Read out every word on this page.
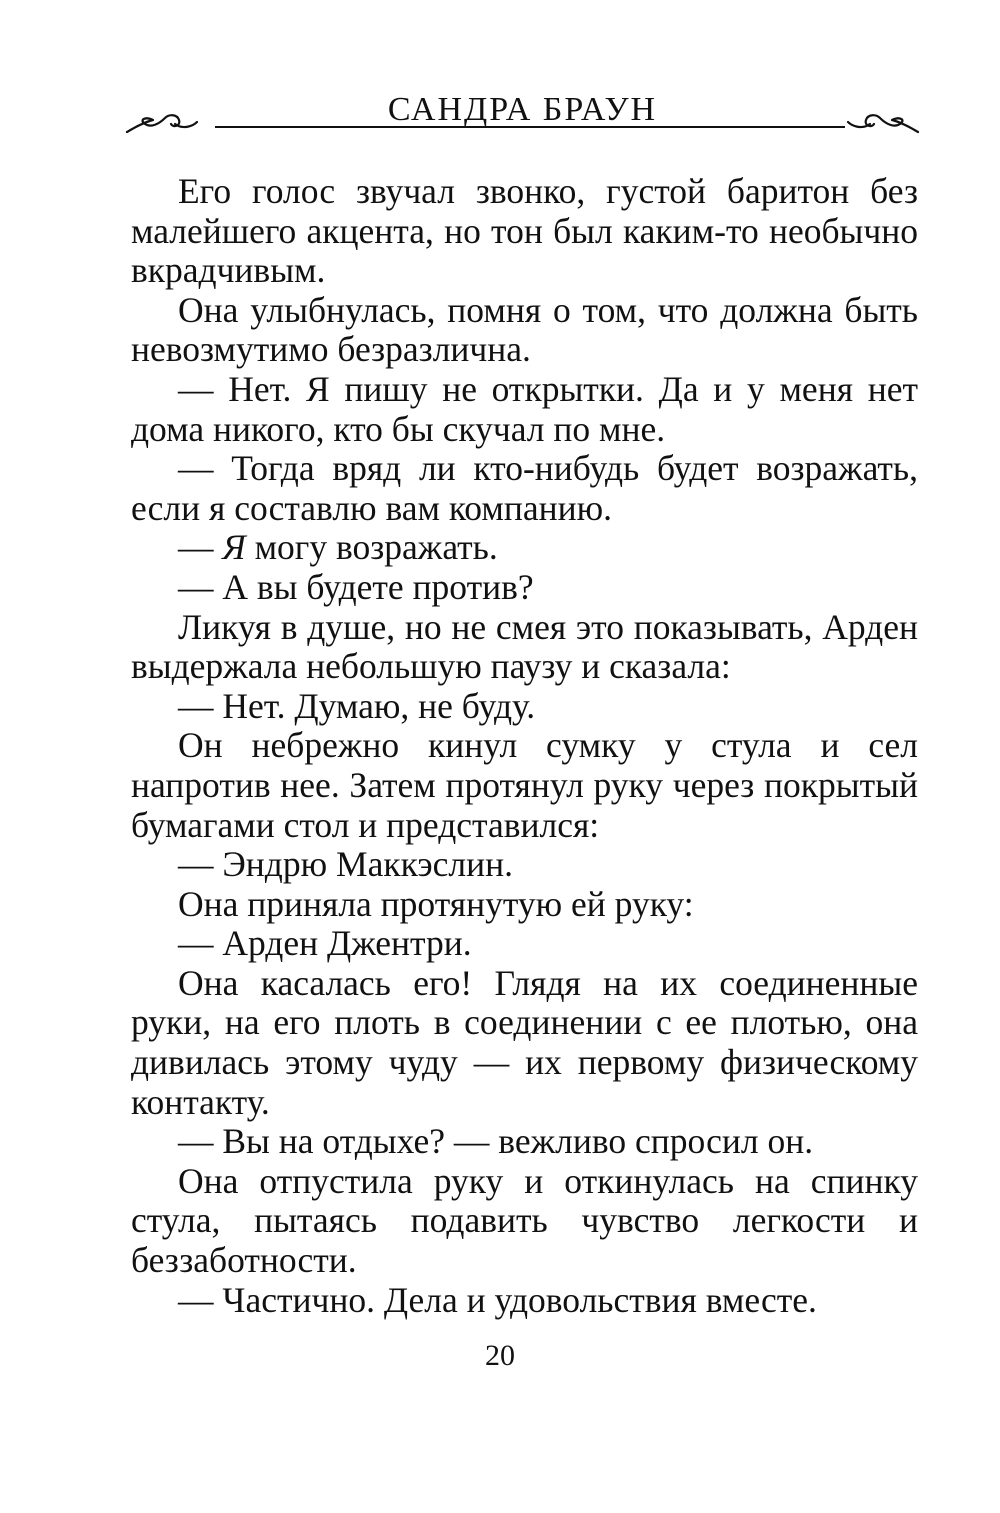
САНДРА БРАУН

Его голос звучал звонко, густой баритон без малейшего акцента, но тон был каким-то необычно вкрадчивым.

Она улыбнулась, помня о том, что должна быть невозмутимо безразлична.

— Нет. Я пишу не открытки. Да и у меня нет дома никого, кто бы скучал по мне.

— Тогда вряд ли кто-нибудь будет возражать, если я составлю вам компанию.

— Я могу возражать.

— А вы будете против?

Ликуя в душе, но не смея это показывать, Арден выдержала небольшую паузу и сказала:

— Нет. Думаю, не буду.

Он небрежно кинул сумку у стула и сел напротив нее. Затем протянул руку через покрытый бумагами стол и представился:

— Эндрю Маккэслин.

Она приняла протянутую ей руку:

— Арден Джентри.

Она касалась его! Глядя на их соединенные руки, на его плоть в соединении с ее плотью, она дивилась этому чуду — их первому физическому контакту.

— Вы на отдыхе? — вежливо спросил он.

Она отпустила руку и откинулась на спинку стула, пытаясь подавить чувство легкости и беззаботности.

— Частично. Дела и удовольствия вместе.

20
